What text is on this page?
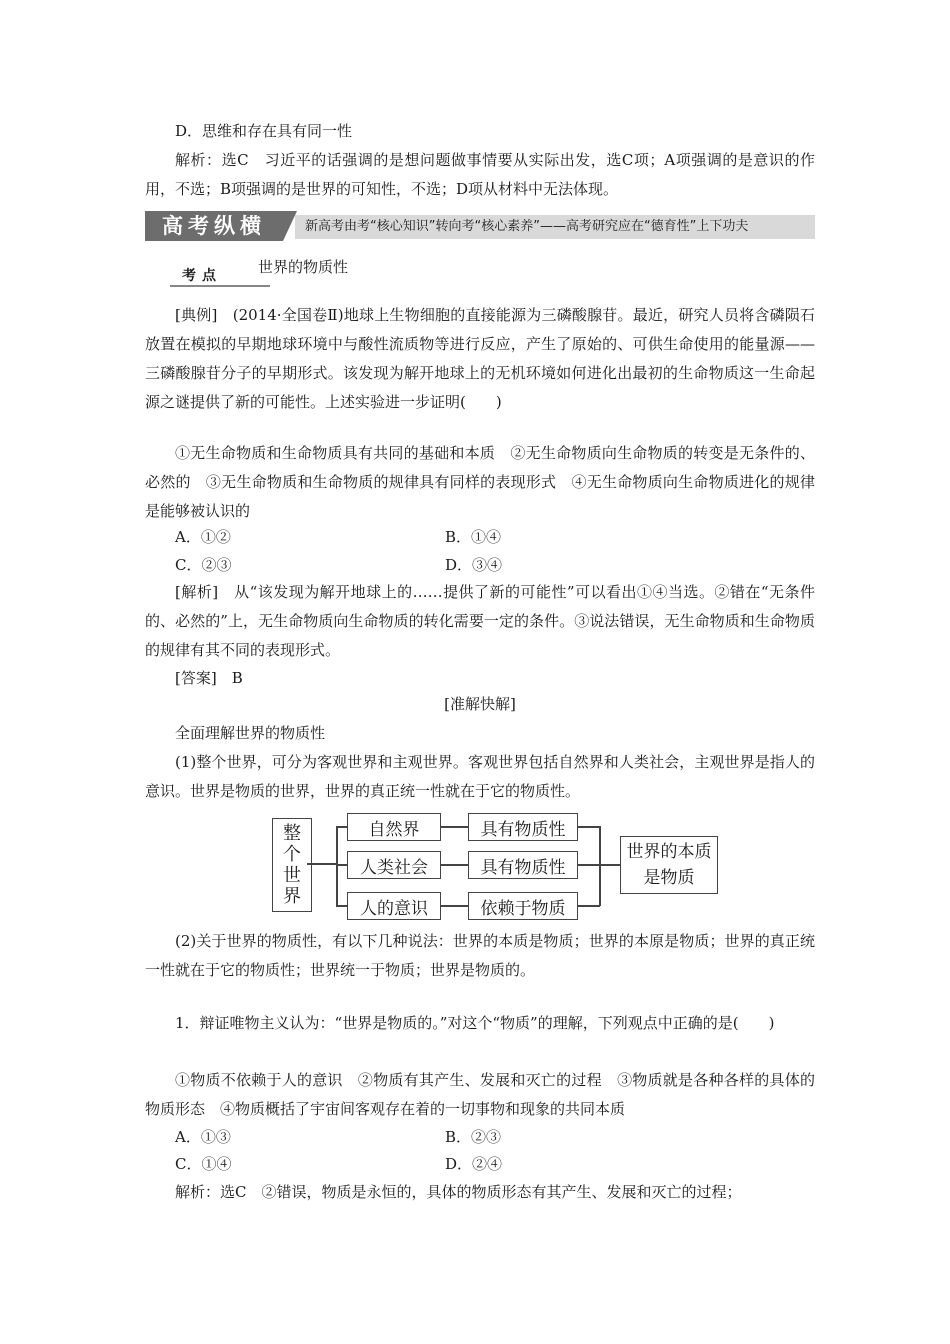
D．思维和存在具有同一性

解析：选C　习近平的话强调的是想问题做事情要从实际出发，选C项；A项强调的是意识的作用，不选；B项强调的是世界的可知性，不选；D项从材料中无法体现。

高考纵横	新高考由考“核心知识”转向考“核心素养”——高考研究应在“德育性”上下功夫
考点 世界的物质性

[典例]　(2014·全国卷Ⅱ)地球上生物细胞的直接能源为三磷酸腺苷。最近，研究人员将含磷陨石放置在模拟的早期地球环境中与酸性流质物等进行反应，产生了原始的、可供生命使用的能量源——三磷酸腺苷分子的早期形式。该发现为解开地球上的无机环境如何进化出最初的生命物质这一生命起源之谜提供了新的可能性。上述实验进一步证明(　　)

①无生命物质和生命物质具有共同的基础和本质　②无生命物质向生命物质的转变是无条件的、必然的　③无生命物质和生命物质的规律具有同样的表现形式　④无生命物质向生命物质进化的规律是能够被认识的

A．①②	B．①④
C．②③	D．③④

[解析]　从“该发现为解开地球上的……提供了新的可能性”可以看出①④当选。②错在“无条件的、必然的”上，无生命物质向生命物质的转化需要一定的条件。③说法错误，无生命物质和生命物质的规律有其不同的表现形式。

[答案]　B

[准解快解]

全面理解世界的物质性

(1)整个世界，可分为客观世界和主观世界。客观世界包括自然界和人类社会，主观世界是指人的意识。世界是物质的世界，世界的真正统一性就在于它的物质性。

整个世界
自然界
人类社会
人的意识
具有物质性
具有物质性
依赖于物质
世界的本质是物质

(2)关于世界的物质性，有以下几种说法：世界的本质是物质；世界的本原是物质；世界的真正统一性就在于它的物质性；世界统一于物质；世界是物质的。

1．辩证唯物主义认为：“世界是物质的。”对这个“物质”的理解，下列观点中正确的是(　　)

①物质不依赖于人的意识　②物质有其产生、发展和灭亡的过程　③物质就是各种各样的具体的物质形态　④物质概括了宇宙间客观存在着的一切事物和现象的共同本质

A．①③	B．②③
C．①④	D．②④

解析：选C　②错误，物质是永恒的，具体的物质形态有其产生、发展和灭亡的过程；
